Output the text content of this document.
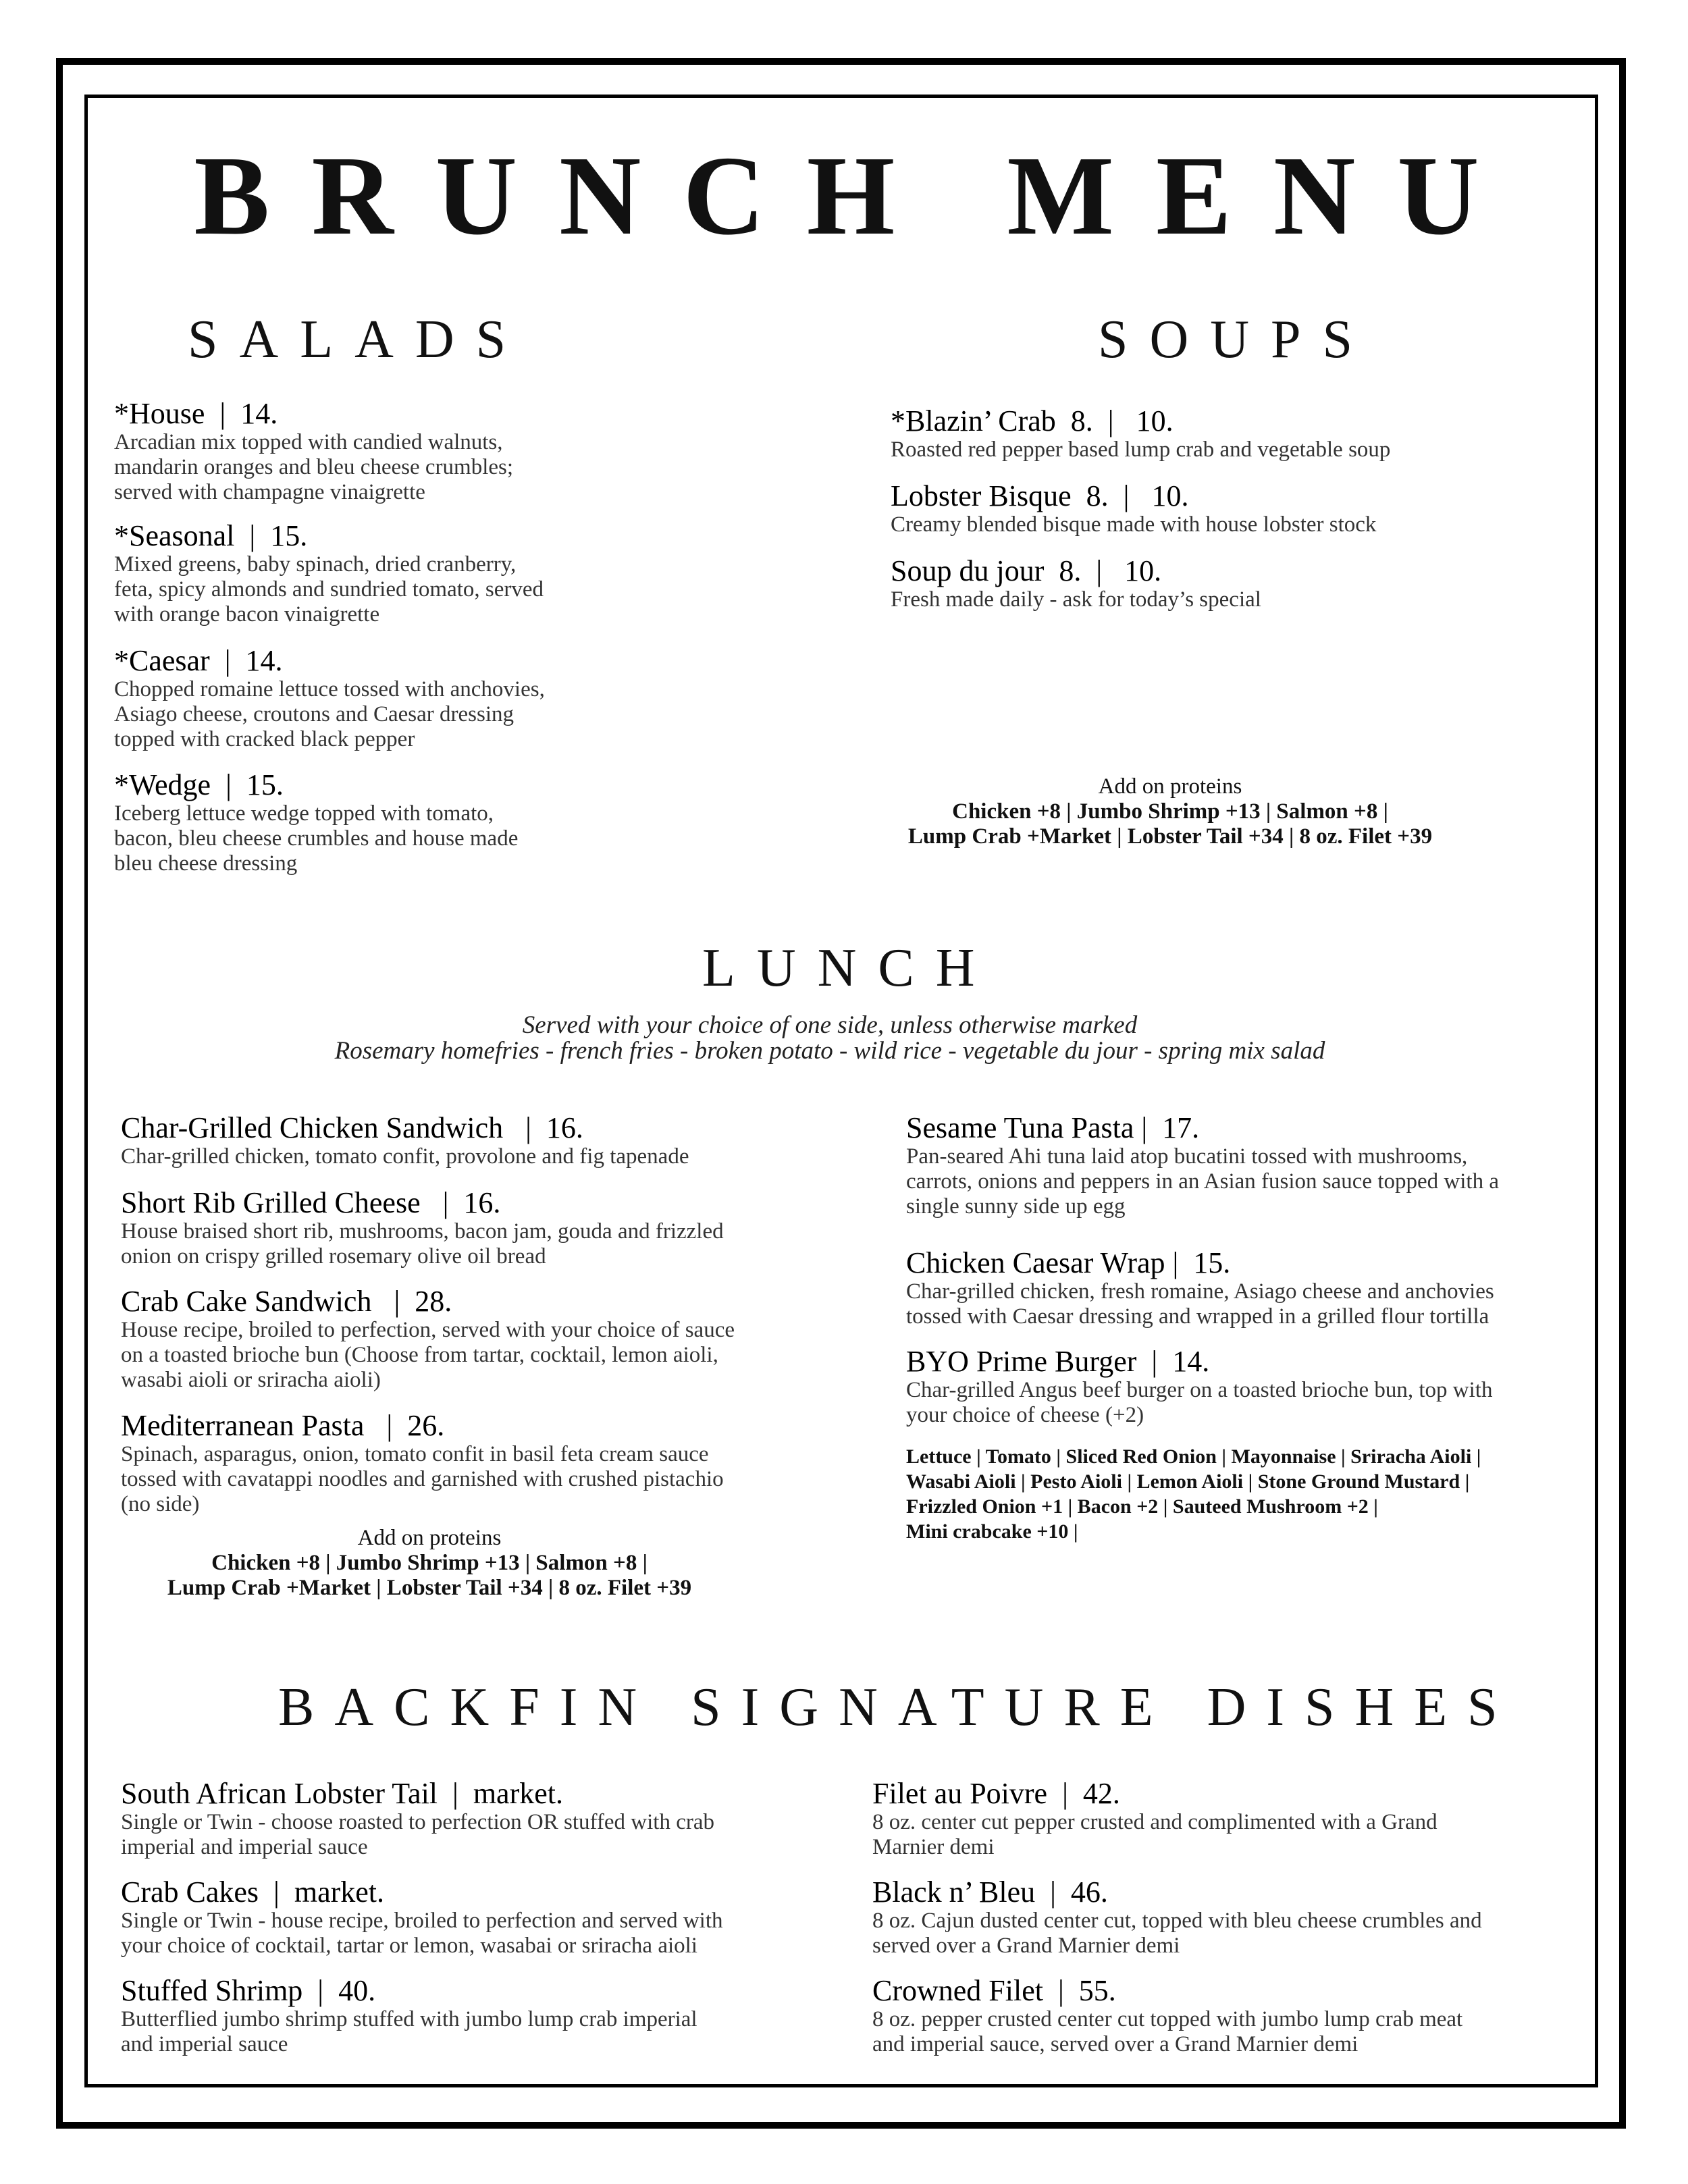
BRUNCH MENU
SALADS	SOUPS
LUNCH
Served with your choice of one side, unless otherwise marked
Rosemary homefries - french fries - broken potato - wild rice - vegetable du jour - spring mix salad
BACKFIN SIGNATURE DISHES
*House  |  14.
Arcadian mix topped with candied walnuts,
mandarin oranges and bleu cheese crumbles;
served with champagne vinaigrette
*Seasonal  |  15.
Mixed greens, baby spinach, dried cranberry,
feta, spicy almonds and sundried tomato, served
with orange bacon vinaigrette
*Caesar  |  14.
Chopped romaine lettuce tossed with anchovies,
Asiago cheese, croutons and Caesar dressing
topped with cracked black pepper
*Wedge  |  15.
Iceberg lettuce wedge topped with tomato,
bacon, bleu cheese crumbles and house made
bleu cheese dressing
*Blazin’ Crab  8.  |   10.
Roasted red pepper based lump crab and vegetable soup
Lobster Bisque  8.  |   10.
Creamy blended bisque made with house lobster stock
Soup du jour  8.  |   10.
Fresh made daily - ask for today’s special
Char-Grilled Chicken Sandwich   |  16.
Char-grilled chicken, tomato confit, provolone and fig tapenade
Short Rib Grilled Cheese   |  16.
House braised short rib, mushrooms, bacon jam, gouda and frizzled
onion on crispy grilled rosemary olive oil bread
Crab Cake Sandwich   |  28.
House recipe, broiled to perfection, served with your choice of sauce
on a toasted brioche bun (Choose from tartar, cocktail, lemon aioli,
wasabi aioli or sriracha aioli)
Mediterranean Pasta   |  26.
Spinach, asparagus, onion, tomato confit in basil feta cream sauce
tossed with cavatappi noodles and garnished with crushed pistachio
(no side)
Sesame Tuna Pasta |  17.
Pan-seared Ahi tuna laid atop bucatini tossed with mushrooms,
carrots, onions and peppers in an Asian fusion sauce topped with a
single sunny side up egg
Chicken Caesar Wrap |  15.
Char-grilled chicken, fresh romaine, Asiago cheese and anchovies
tossed with Caesar dressing and wrapped in a grilled flour tortilla
BYO Prime Burger  |  14.
Char-grilled Angus beef burger on a toasted brioche bun, top with
your choice of cheese (+2)
South African Lobster Tail  |  market.
Single or Twin - choose roasted to perfection OR stuffed with crab
imperial and imperial sauce
Crab Cakes  |  market.
Single or Twin - house recipe, broiled to perfection and served with
your choice of cocktail, tartar or lemon, wasabai or sriracha aioli
Stuffed Shrimp  |  40.
Butterflied jumbo shrimp stuffed with jumbo lump crab imperial
and imperial sauce
Filet au Poivre  |  42.
8 oz. center cut pepper crusted and complimented with a Grand
Marnier demi
Black n’ Bleu  |  46.
8 oz. Cajun dusted center cut, topped with bleu cheese crumbles and
served over a Grand Marnier demi
Crowned Filet  |  55.
8 oz. pepper crusted center cut topped with jumbo lump crab meat
and imperial sauce, served over a Grand Marnier demi
Add on proteins
Chicken +8 | Jumbo Shrimp +13 | Salmon +8 |
Lump Crab +Market | Lobster Tail +34 | 8 oz. Filet +39
Add on proteins
Chicken +8 | Jumbo Shrimp +13 | Salmon +8 |
Lump Crab +Market | Lobster Tail +34 | 8 oz. Filet +39
Lettuce | Tomato | Sliced Red Onion | Mayonnaise | Sriracha Aioli |
Wasabi Aioli | Pesto Aioli | Lemon Aioli | Stone Ground Mustard |
Frizzled Onion +1 | Bacon +2 | Sauteed Mushroom +2 |
Mini crabcake +10 |
